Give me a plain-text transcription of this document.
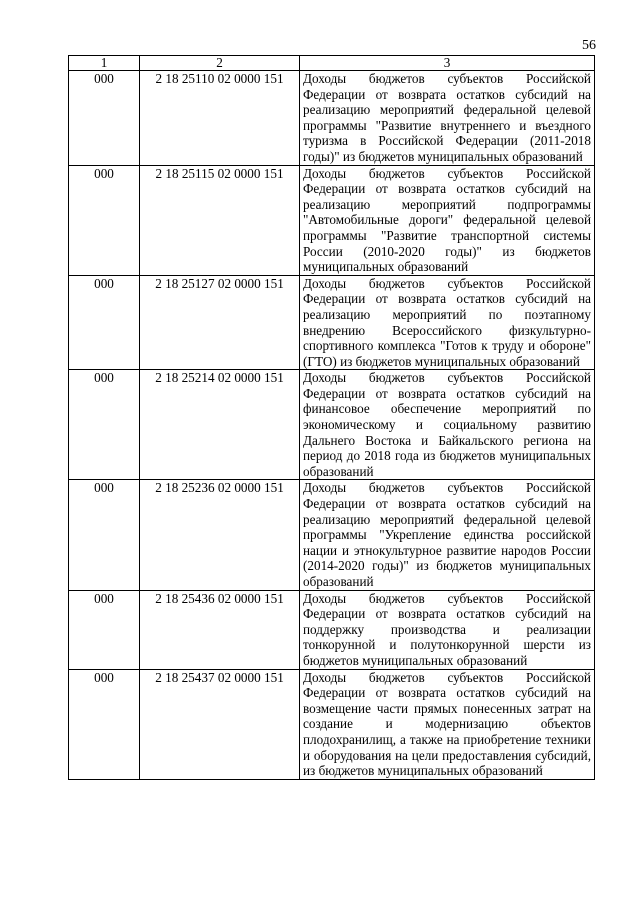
56
1	2	3
000	2 18 25110 02 0000 151	Доходы бюджетов субъектов Российской Федерации от возврата остатков субсидий на реализацию мероприятий федеральной целевой программы "Развитие внутреннего и въездного туризма в Российской Федерации (2011-2018 годы)" из бюджетов муниципальных образований
000	2 18 25115 02 0000 151	Доходы бюджетов субъектов Российской Федерации от возврата остатков субсидий на реализацию мероприятий подпрограммы "Автомобильные дороги" федеральной целевой программы "Развитие транспортной системы России (2010-2020 годы)" из бюджетов муниципальных образований
000	2 18 25127 02 0000 151	Доходы бюджетов субъектов Российской Федерации от возврата остатков субсидий на реализацию мероприятий по поэтапному внедрению Всероссийского физкультурно-спортивного комплекса "Готов к труду и обороне" (ГТО) из бюджетов муниципальных образований
000	2 18 25214 02 0000 151	Доходы бюджетов субъектов Российской Федерации от возврата остатков субсидий на финансовое обеспечение мероприятий по экономическому и социальному развитию Дальнего Востока и Байкальского региона на период до 2018 года из бюджетов муниципальных образований
000	2 18 25236 02 0000 151	Доходы бюджетов субъектов Российской Федерации от возврата остатков субсидий на реализацию мероприятий федеральной целевой программы "Укрепление единства российской нации и этнокультурное развитие народов России (2014-2020 годы)" из бюджетов муниципальных образований
000	2 18 25436 02 0000 151	Доходы бюджетов субъектов Российской Федерации от возврата остатков субсидий на поддержку производства и реализации тонкорунной и полутонкорунной шерсти из бюджетов муниципальных образований
000	2 18 25437 02 0000 151	Доходы бюджетов субъектов Российской Федерации от возврата остатков субсидий на возмещение части прямых понесенных затрат на создание и модернизацию объектов плодохранилищ, а также на приобретение техники и оборудования на цели предоставления субсидий, из бюджетов муниципальных образований
